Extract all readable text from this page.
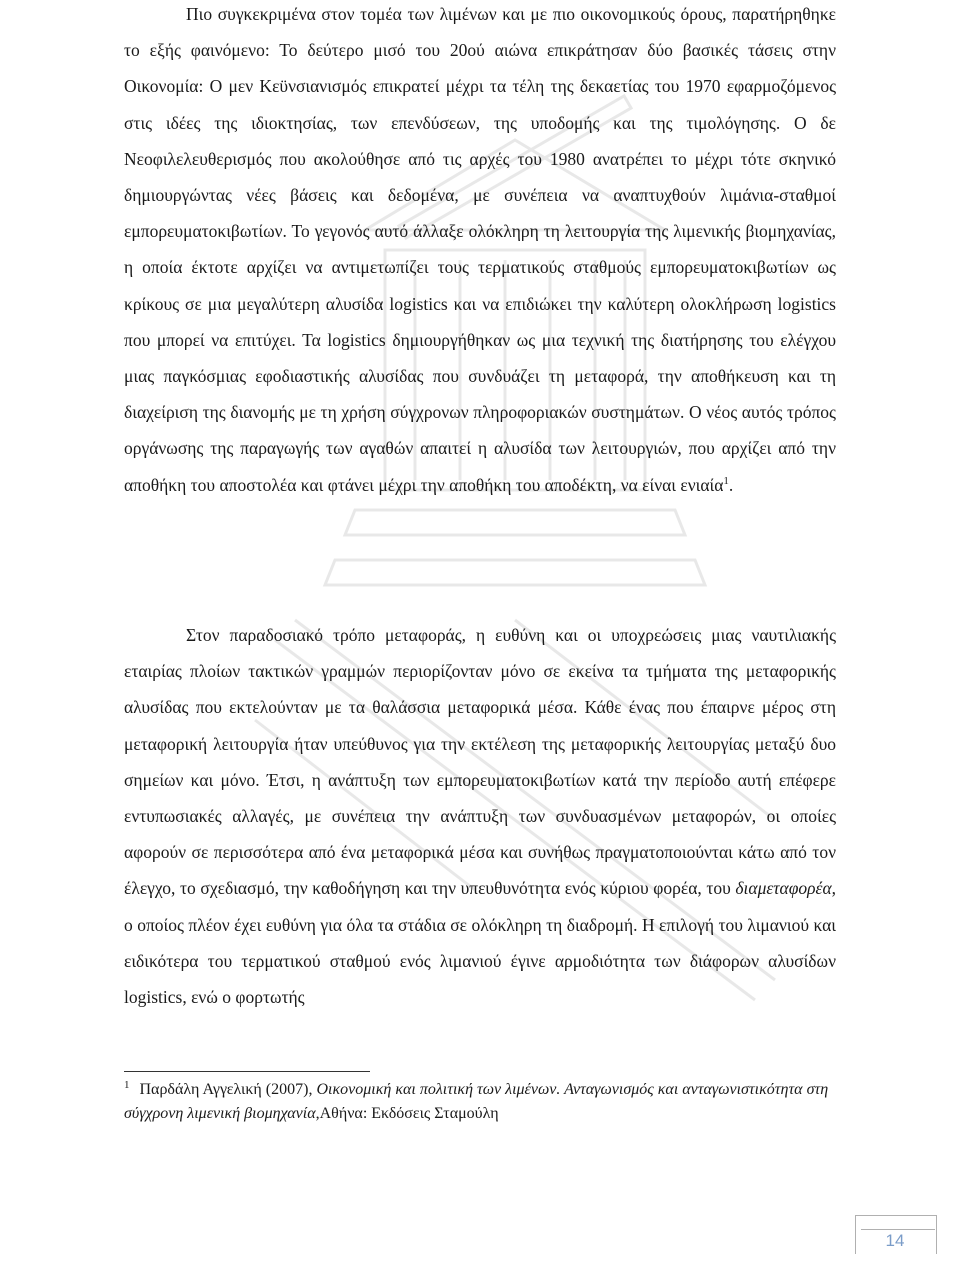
Πιο συγκεκριμένα στον τομέα των λιμένων και με πιο οικονομικούς όρους, παρατήρηθηκε το εξής φαινόμενο: Το δεύτερο μισό του 20ού αιώνα επικράτησαν δύο βασικές τάσεις στην Οικονομία: Ο μεν Κεϋνσιανισμός επικρατεί μέχρι τα τέλη της δεκαετίας του 1970 εφαρμοζόμενος στις ιδέες της ιδιοκτησίας, των επενδύσεων, της υποδομής και της τιμολόγησης. Ο δε Νεοφιλελευθερισμός που ακολούθησε από τις αρχές του 1980 ανατρέπει το μέχρι τότε σκηνικό δημιουργώντας νέες βάσεις και δεδομένα, με συνέπεια να αναπτυχθούν λιμάνια-σταθμοί εμπορευματοκιβωτίων. Το γεγονός αυτό άλλαξε ολόκληρη τη λειτουργία της λιμενικής βιομηχανίας, η οποία έκτοτε αρχίζει να αντιμετωπίζει τους τερματικούς σταθμούς εμπορευματοκιβωτίων ως κρίκους σε μια μεγαλύτερη αλυσίδα logistics και να επιδιώκει την καλύτερη ολοκλήρωση logistics που μπορεί να επιτύχει. Τα logistics δημιουργήθηκαν ως μια τεχνική της διατήρησης του ελέγχου μιας παγκόσμιας εφοδιαστικής αλυσίδας που συνδυάζει τη μεταφορά, την αποθήκευση και τη διαχείριση της διανομής με τη χρήση σύγχρονων πληροφοριακών συστημάτων. Ο νέος αυτός τρόπος οργάνωσης της παραγωγής των αγαθών απαιτεί η αλυσίδα των λειτουργιών, που αρχίζει από την αποθήκη του αποστολέα και φτάνει μέχρι την αποθήκη του αποδέκτη, να είναι ενιαία$^1$.

Στον παραδοσιακό τρόπο μεταφοράς, η ευθύνη και οι υποχρεώσεις μιας ναυτιλιακής εταιρίας πλοίων τακτικών γραμμών περιορίζονταν μόνο σε εκείνα τα τμήματα της μεταφορικής αλυσίδας που εκτελούνταν με τα θαλάσσια μεταφορικά μέσα. Κάθε ένας που έπαιρνε μέρος στη μεταφορική λειτουργία ήταν υπεύθυνος για την εκτέλεση της μεταφορικής λειτουργίας μεταξύ δυο σημείων και μόνο. Έτσι, η ανάπτυξη των εμπορευματοκιβωτίων κατά την περίοδο αυτή επέφερε εντυπωσιακές αλλαγές, με συνέπεια την ανάπτυξη των συνδυασμένων μεταφορών, οι οποίες αφορούν σε περισσότερα από ένα μεταφορικά μέσα και συνήθως πραγματοποιούνται κάτω από τον έλεγχο, το σχεδιασμό, την καθοδήγηση και την υπευθυνότητα ενός κύριου φορέα, του διαμεταφορέα, ο οποίος πλέον έχει ευθύνη για όλα τα στάδια σε ολόκληρη τη διαδρομή. Η επιλογή του λιμανιού και ειδικότερα του τερματικού σταθμού ενός λιμανιού έγινε αρμοδιότητα των διάφορων αλυσίδων logistics, ενώ ο φορτωτής

$^1$ Παρδάλη Αγγελική (2007), Οικονομική και πολιτική των λιμένων. Ανταγωνισμός και ανταγωνιστικότητα στη σύγχρονη λιμενική βιομηχανία,Αθήνα: Εκδόσεις Σταμούλη

14
